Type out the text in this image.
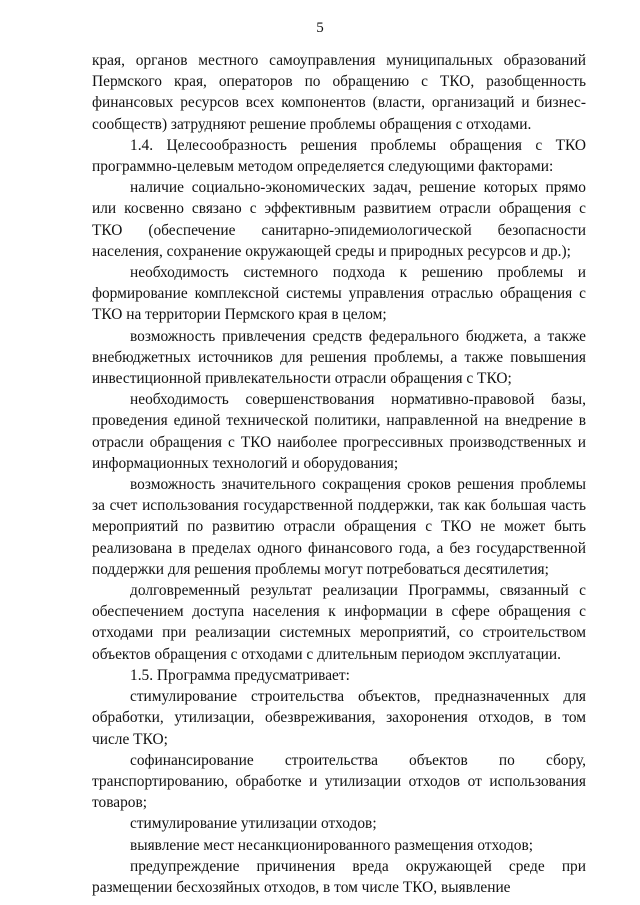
5

края, органов местного самоуправления муниципальных образований Пермского края, операторов по обращению с ТКО, разобщенность финансовых ресурсов всех компонентов (власти, организаций и бизнес-сообществ) затрудняют решение проблемы обращения с отходами.

1.4. Целесообразность решения проблемы обращения с ТКО программно-целевым методом определяется следующими факторами:

наличие социально-экономических задач, решение которых прямо или косвенно связано с эффективным развитием отрасли обращения с ТКО (обеспечение санитарно-эпидемиологической безопасности населения, сохранение окружающей среды и природных ресурсов и др.);

необходимость системного подхода к решению проблемы и формирование комплексной системы управления отраслью обращения с ТКО на территории Пермского края в целом;

возможность привлечения средств федерального бюджета, а также внебюджетных источников для решения проблемы, а также повышения инвестиционной привлекательности отрасли обращения с ТКО;

необходимость совершенствования нормативно-правовой базы, проведения единой технической политики, направленной на внедрение в отрасли обращения с ТКО наиболее прогрессивных производственных и информационных технологий и оборудования;

возможность значительного сокращения сроков решения проблемы за счет использования государственной поддержки, так как большая часть мероприятий по развитию отрасли обращения с ТКО не может быть реализована в пределах одного финансового года, а без государственной поддержки для решения проблемы могут потребоваться десятилетия;

долговременный результат реализации Программы, связанный с обеспечением доступа населения к информации в сфере обращения с отходами при реализации системных мероприятий, со строительством объектов обращения с отходами с длительным периодом эксплуатации.

1.5. Программа предусматривает:

стимулирование строительства объектов, предназначенных для обработки, утилизации, обезвреживания, захоронения отходов, в том числе ТКО;

софинансирование строительства объектов по сбору, транспортированию, обработке и утилизации отходов от использования товаров;

стимулирование утилизации отходов;

выявление мест несанкционированного размещения отходов;

предупреждение причинения вреда окружающей среде при размещении бесхозяйных отходов, в том числе ТКО, выявление
